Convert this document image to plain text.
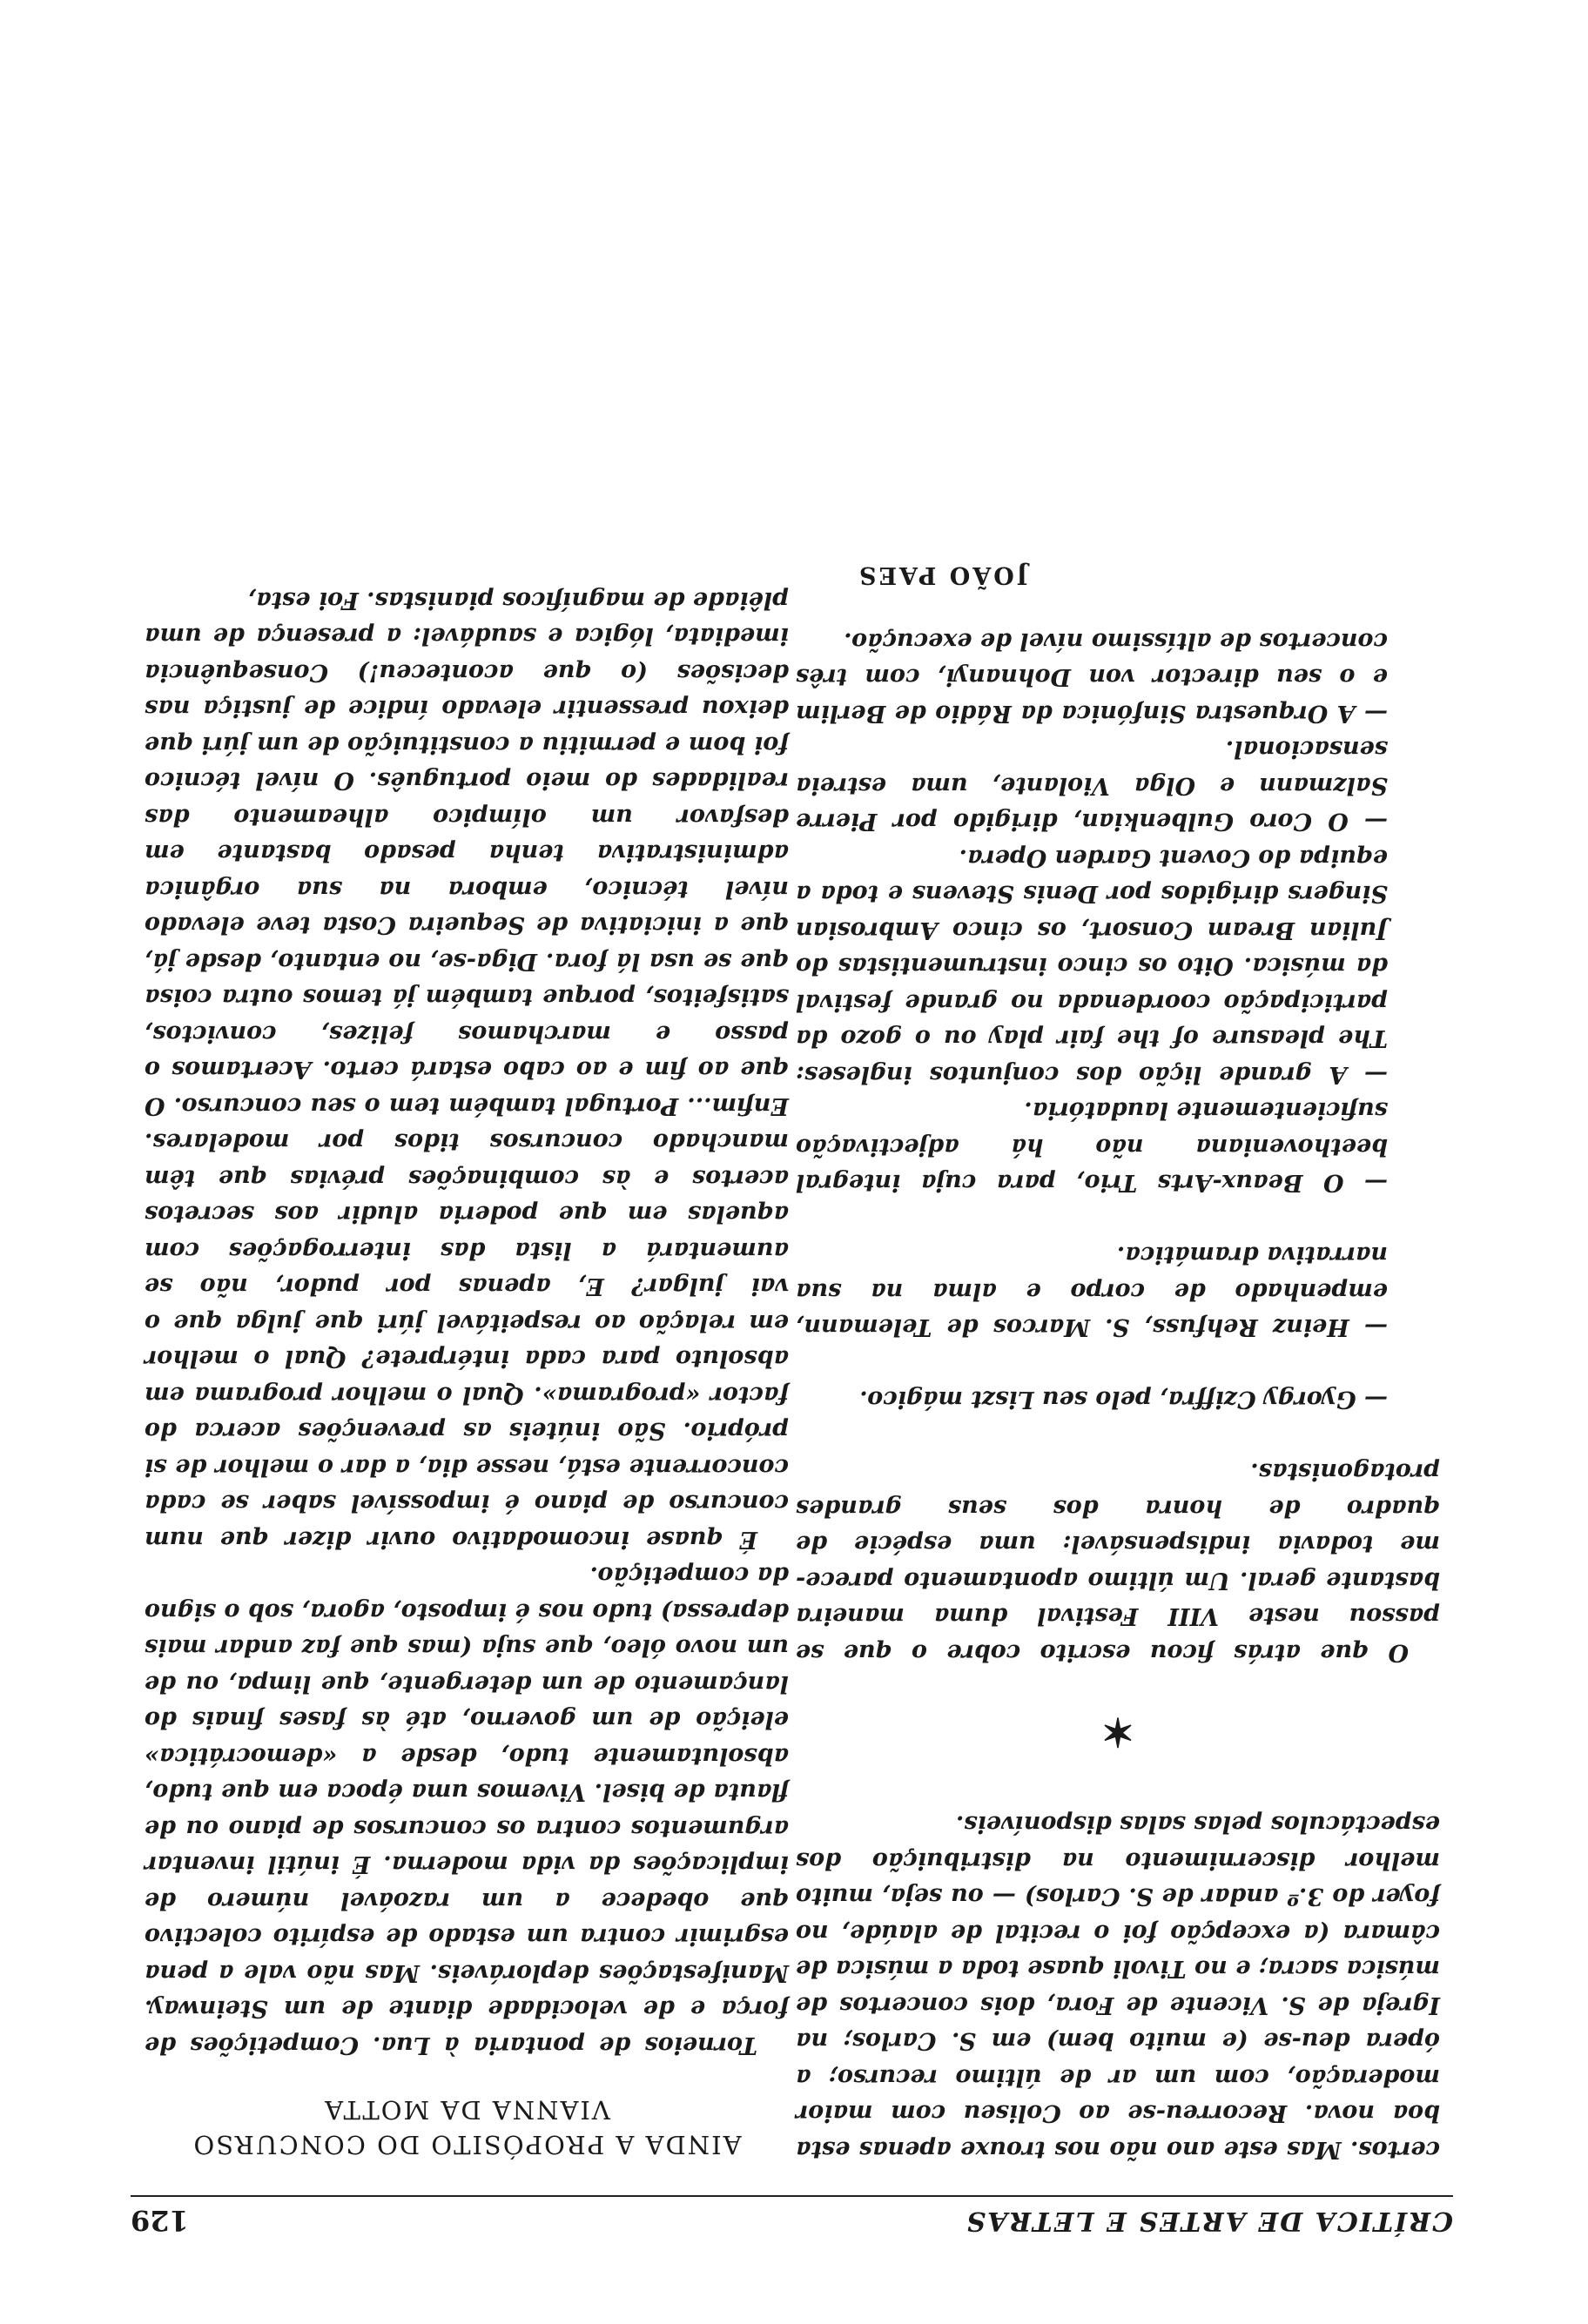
CRÍTICA DE ARTES E LETRAS
129

certos. Mas este ano não nos trouxe apenas esta boa nova. Recorreu-se ao Coliseu com maior moderação, com um ar de último recurso; a ópera deu-se (e muito bem) em S. Carlos; na Igreja de S. Vicente de Fora, dois concertos de música sacra; e no Tivoli quase toda a música de câmara (a excepção foi o recital de alaúde, no foyer do 3.º andar de S. Carlos) — ou seja, muito melhor discernimento na distribuição dos espectáculos pelas salas disponíveis.

✶

O que atrás ficou escrito cobre o que se passou neste VIII Festival duma maneira bastante geral. Um último apontamento parece-me todavia indispensável: uma espécie de quadro de honra dos seus grandes protagonistas.

— Gyorgy Cziffra, pelo seu Liszt mágico.

— Heinz Rehfuss, S. Marcos de Telemann, empenhado de corpo e alma na sua narrativa dramática.

— O Beaux-Arts Trio, para cuja integral beethoveniana não há adjectivação suficientemente laudatória.

— A grande lição dos conjuntos ingleses: The pleasure of the fair play ou o gozo da participação coordenada no grande festival da música. Oito os cinco instrumentistas do Julian Bream Consort, os cinco Ambrosian Singers dirigidos por Denis Stevens e toda a equipa do Covent Garden Opera.

— O Coro Gulbenkian, dirigido por Pierre Salzmann e Olga Violante, uma estreia sensacional.

— A Orquestra Sinfónica da Rádio de Berlim e o seu director von Dohnanyi, com três concertos de altíssimo nível de execução.

JOÃO PAES
AINDA A PROPÓSITO DO CONCURSO
VIANNA DA MOTTA

Torneios de pontaria à Lua. Competições de força e de velocidade diante de um Steinway. Manifestações deploráveis. Mas não vale a pena esgrimir contra um estado de espírito colectivo que obedece a um razoável número de implicações da vida moderna. É inútil inventar argumentos contra os concursos de piano ou de flauta de bisel. Vivemos uma época em que tudo, absolutamente tudo, desde a «democrática» eleição de um governo, até às fases finais do lançamento de um detergente, que limpa, ou de um novo óleo, que suja (mas que faz andar mais depressa) tudo nos é imposto, agora, sob o signo da competição.

É quase incomodativo ouvir dizer que num concurso de piano é impossível saber se cada concorrente está, nesse dia, a dar o melhor de si próprio. São inúteis as prevenções acerca do factor «programa». Qual o melhor programa em absoluto para cada intérprete? Qual o melhor em relação ao respeitável júri que julga que o vai julgar? E, apenas por pudor, não se aumentará a lista das interrogações com aquelas em que poderia aludir aos secretos acertos e às combinações prévias que têm manchado concursos tidos por modelares. Enfim... Portugal também tem o seu concurso. O que ao fim e ao cabo estará certo. Acertamos o passo e marchamos felizes, convictos, satisfeitos, porque também já temos outra coisa que se usa lá fora. Diga-se, no entanto, desde já, que a iniciativa de Sequeira Costa teve elevado nível técnico, embora na sua orgânica administrativa tenha pesado bastante em desfavor um olímpico alheamento das realidades do meio português. O nível técnico foi bom e permitiu a constituição de um júri que deixou pressentir elevado índice de justiça nas decisões (o que aconteceu!) Consequência imediata, lógica e saudável: a presença de uma plêiade de magníficos pianistas. Foi esta,
